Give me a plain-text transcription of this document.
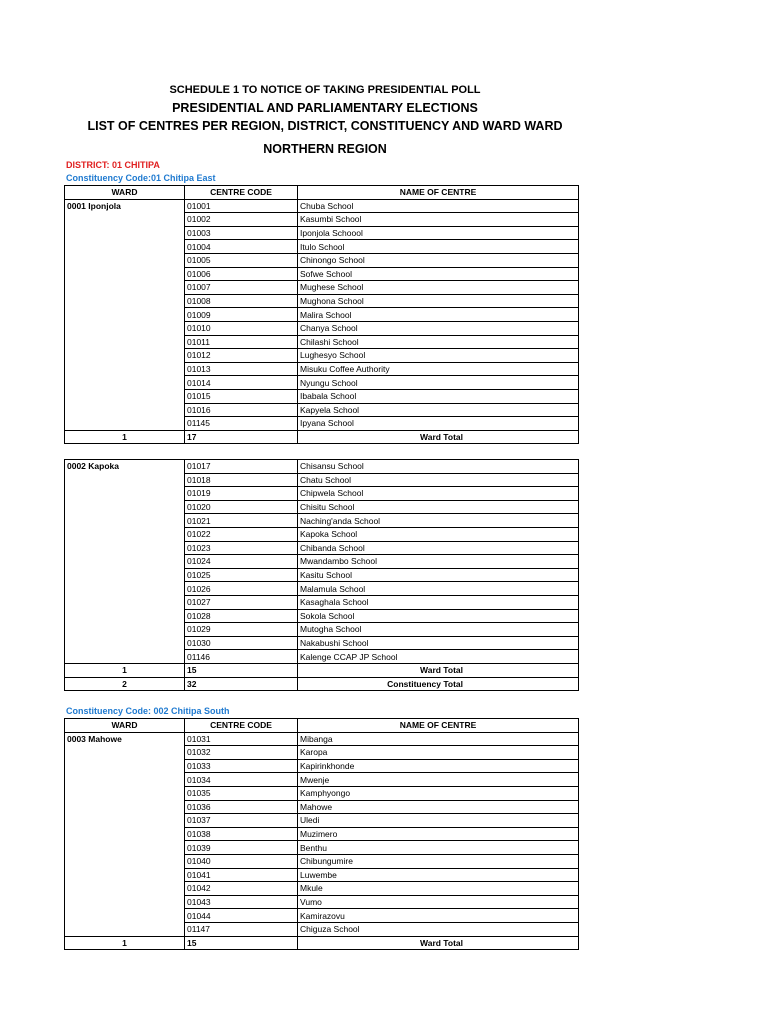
SCHEDULE 1 TO NOTICE OF TAKING PRESIDENTIAL POLL
PRESIDENTIAL AND PARLIAMENTARY ELECTIONS
LIST OF CENTRES PER REGION, DISTRICT, CONSTITUENCY AND WARD WARD
NORTHERN REGION
DISTRICT: 01 CHITIPA
Constituency Code:01 Chitipa East
WARD	CENTRE CODE	NAME OF CENTRE
0001 Iponjola	01001	Chuba School
	01002	Kasumbi School
	01003	Iponjola Schoool
	01004	Itulo School
	01005	Chinongo School
	01006	Sofwe School
	01007	Mughese School
	01008	Mughona School
	01009	Malira School
	01010	Chanya School
	01011	Chilashi School
	01012	Lughesyo School
	01013	Misuku Coffee Authority
	01014	Nyungu School
	01015	Ibabala School
	01016	Kapyela School
	01145	Ipyana School
1	17	Ward Total
0002 Kapoka	01017	Chisansu School
	01018	Chatu School
	01019	Chipwela School
	01020	Chisitu School
	01021	Naching'anda School
	01022	Kapoka School
	01023	Chibanda School
	01024	Mwandambo School
	01025	Kasitu School
	01026	Malamula School
	01027	Kasaghala School
	01028	Sokola School
	01029	Mutogha School
	01030	Nakabushi School
	01146	Kalenge CCAP JP School
1	15	Ward Total
2	32	Constituency Total
Constituency Code: 002 Chitipa South
WARD	CENTRE CODE	NAME OF CENTRE
0003 Mahowe	01031	Mibanga
	01032	Karopa
	01033	Kapirinkhonde
	01034	Mwenje
	01035	Kamphyongo
	01036	Mahowe
	01037	Uledi
	01038	Muzimero
	01039	Benthu
	01040	Chibungumire
	01041	Luwembe
	01042	Mkule
	01043	Vumo
	01044	Kamirazovu
	01147	Chiguza School
1	15	Ward Total
